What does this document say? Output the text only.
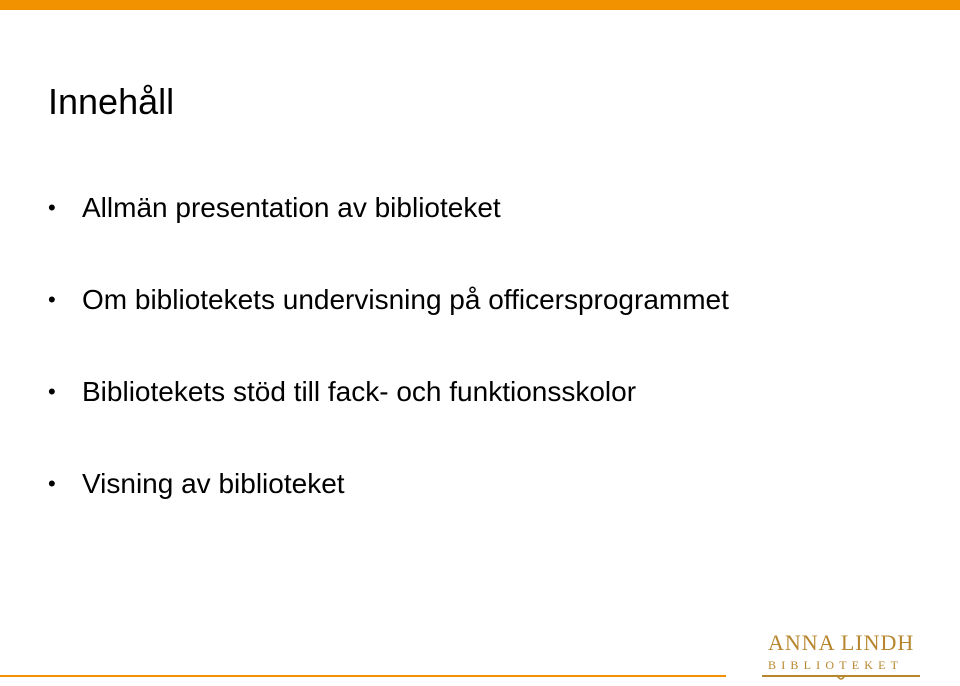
Innehåll
• Allmän presentation av biblioteket
• Om bibliotekets undervisning på officersprogrammet
• Bibliotekets stöd till fack- och funktionsskolor
• Visning av biblioteket
ANNA LINDH
BIBLIOTEKET
